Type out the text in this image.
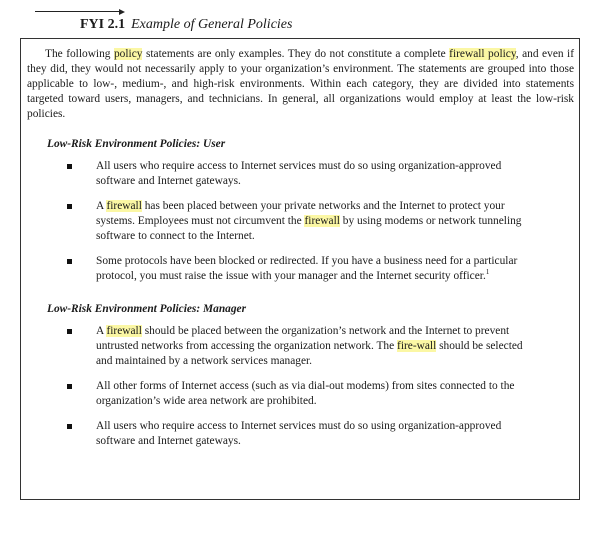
FYI 2.1 Example of General Policies

The following policy statements are only examples. They do not constitute a complete firewall policy, and even if they did, they would not necessarily apply to your organization’s environment. The statements are grouped into those applicable to low-, medium-, and high-risk environments. Within each category, they are divided into statements targeted toward users, managers, and technicians. In general, all organizations would employ at least the low-risk policies.

Low-Risk Environment Policies: User
All users who require access to Internet services must do so using organization-approved software and Internet gateways.
A firewall has been placed between your private networks and the Internet to protect your systems. Employees must not circumvent the firewall by using modems or network tunneling software to connect to the Internet.
Some protocols have been blocked or redirected. If you have a business need for a particular protocol, you must raise the issue with your manager and the Internet security officer.$^1$
Low-Risk Environment Policies: Manager
A firewall should be placed between the organization’s network and the Internet to prevent untrusted networks from accessing the organization network. The fire-wall should be selected and maintained by a network services manager.
All other forms of Internet access (such as via dial-out modems) from sites connected to the organization’s wide area network are prohibited.
All users who require access to Internet services must do so using organization-approved software and Internet gateways.
